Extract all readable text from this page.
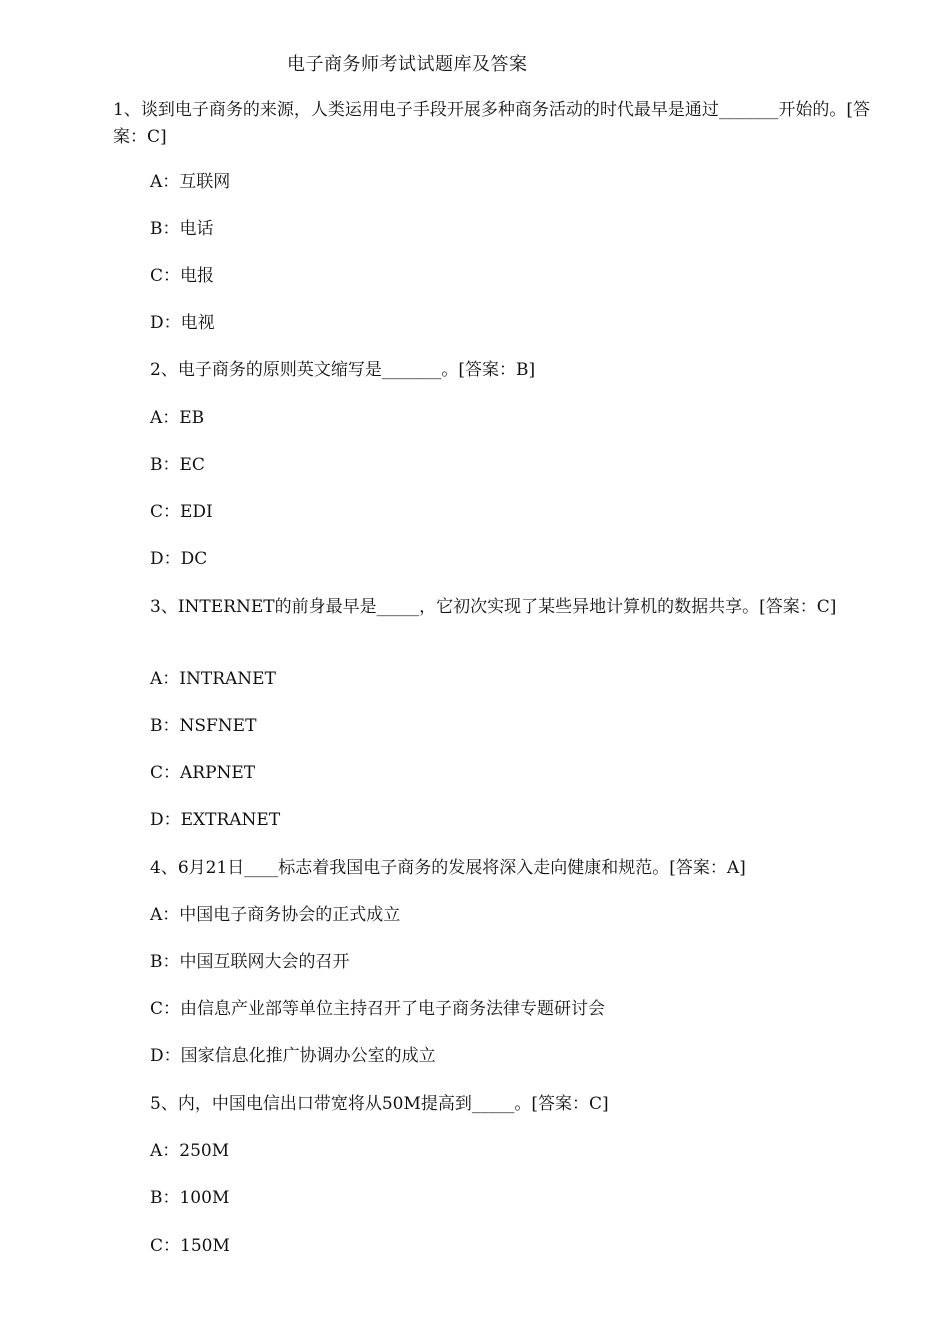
电子商务师考试试题库及答案
1、谈到电子商务的来源，人类运用电子手段开展多种商务活动的时代最早是通过_______开始的。[答案：C]
A：互联网
B：电话
C：电报
D：电视
2、电子商务的原则英文缩写是_______。[答案：B]
A：EB
B：EC
C：EDI
D：DC
3、INTERNET的前身最早是_____，它初次实现了某些异地计算机的数据共享。[答案：C]
A：INTRANET
B：NSFNET
C：ARPNET
D：EXTRANET
4、6月21日____标志着我国电子商务的发展将深入走向健康和规范。[答案：A]
A：中国电子商务协会的正式成立
B：中国互联网大会的召开
C：由信息产业部等单位主持召开了电子商务法律专题研讨会
D：国家信息化推广协调办公室的成立
5、内，中国电信出口带宽将从50M提高到_____。[答案：C]
A：250M
B：100M
C：150M
